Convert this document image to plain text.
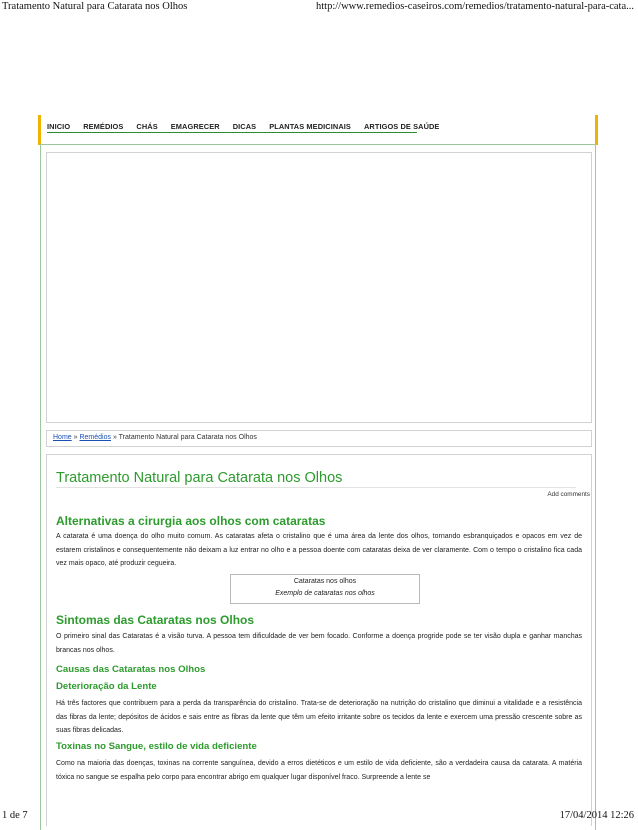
Tratamento Natural para Catarata nos Olhos	http://www.remedios-caseiros.com/remedios/tratamento-natural-para-cata...
INICIO REMÉDIOS CHÁS EMAGRECER DICAS PLANTAS MEDICINAIS ARTIGOS DE SAÚDE
Home » Remédios » Tratamento Natural para Catarata nos Olhos
Tratamento Natural para Catarata nos Olhos
Add comments
Alternativas a cirurgia aos olhos com cataratas

A catarata é uma doença do olho muito comum. As cataratas afeta o cristalino que é uma área da lente dos olhos, tornando esbranquiçados e opacos em vez de estarem cristalinos e consequentemente não deixam a luz entrar no olho e a pessoa doente com cataratas deixa de ver claramente. Com o tempo o cristalino fica cada vez mais opaco, até produzir cegueira.

Cataratas nos olhos
Exemplo de cataratas nos olhos
Sintomas das Cataratas nos Olhos

O primeiro sinal das Cataratas é a visão turva. A pessoa tem dificuldade de ver bem focado. Conforme a doença progride pode se ter visão dupla e ganhar manchas brancas nos olhos.

Causas das Cataratas nos Olhos
Deterioração da Lente

Há três factores que contribuem para a perda da transparência do cristalino. Trata-se de deterioração na nutrição do cristalino que diminui a vitalidade e a resistência das fibras da lente; depósitos de ácidos e sais entre as fibras da lente que têm um efeito irritante sobre os tecidos da lente e exercem uma pressão crescente sobre as suas fibras delicadas.

Toxinas no Sangue, estilo de vida deficiente

Como na maioria das doenças, toxinas na corrente sanguínea, devido a erros dietéticos e um estilo de vida deficiente, são a verdadeira causa da catarata. A matéria tóxica no sangue se espalha pelo corpo para encontrar abrigo em qualquer lugar disponível fraco. Surpreende a lente se

1 de 7	17/04/2014 12:26
